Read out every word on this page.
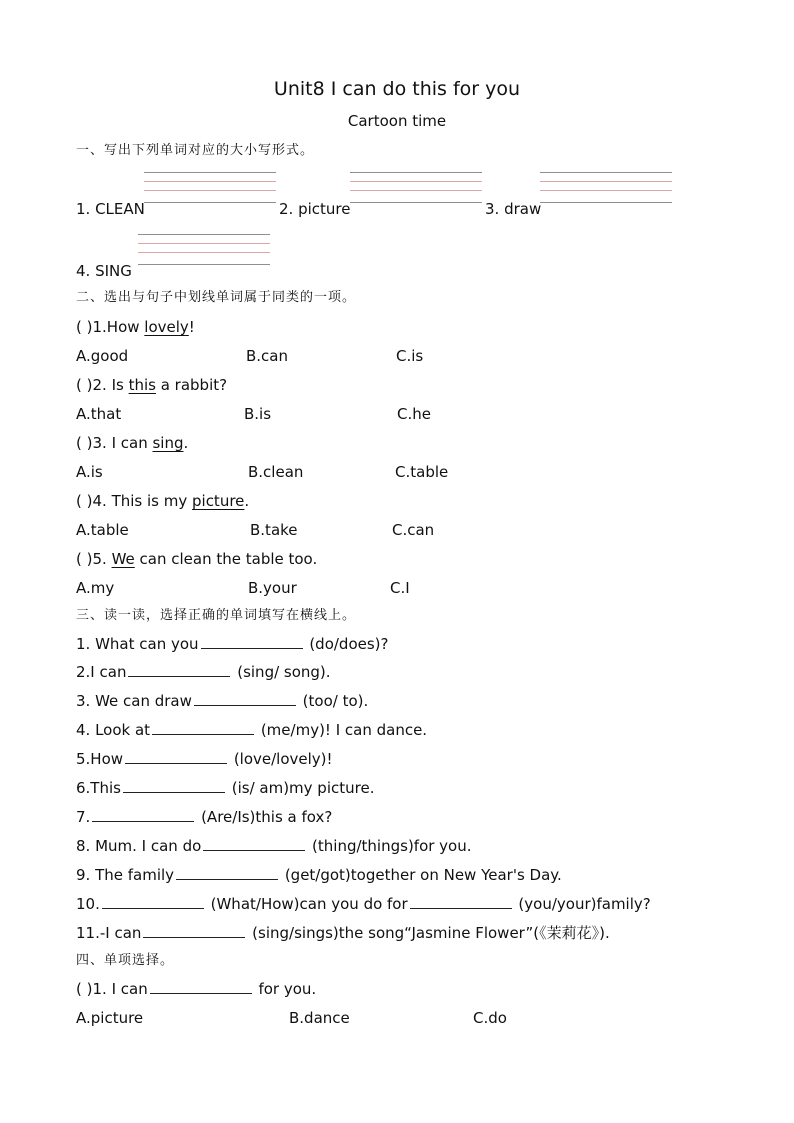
Unit8 I can do this for you
Cartoon time
一、写出下列单词对应的大小写形式。
1. CLEAN	2. picture	3. draw
4. SING
二、选出与句子中划线单词属于同类的一项。
( )1.How lovely!
A.good	B.can	C.is
( )2. Is this a rabbit?
A.that	B.is	C.he
( )3. I can sing.
A.is	B.clean	C.table
( )4. This is my picture.
A.table	B.take	C.can
( )5. We can clean the table too.
A.my	B.your	C.I
三、读一读，选择正确的单词填写在横线上。
1. What can you	(do/does)?
2.I can	(sing/ song).
3. We can draw	(too/ to).
4. Look at	(me/my)! I can dance.
5.How	(love/lovely)!
6.This	(is/ am)my picture.
7.	(Are/Is)this a fox?
8. Mum. I can do	(thing/things)for you.
9. The family	(get/got)together on New Year's Day.
10.	(What/How)can you do for	(you/your)family?
11.-I can	(sing/sings)the song“Jasmine Flower”(《茉莉花》).
四、单项选择。
( )1. I can	for you.
A.picture	B.dance	C.do
